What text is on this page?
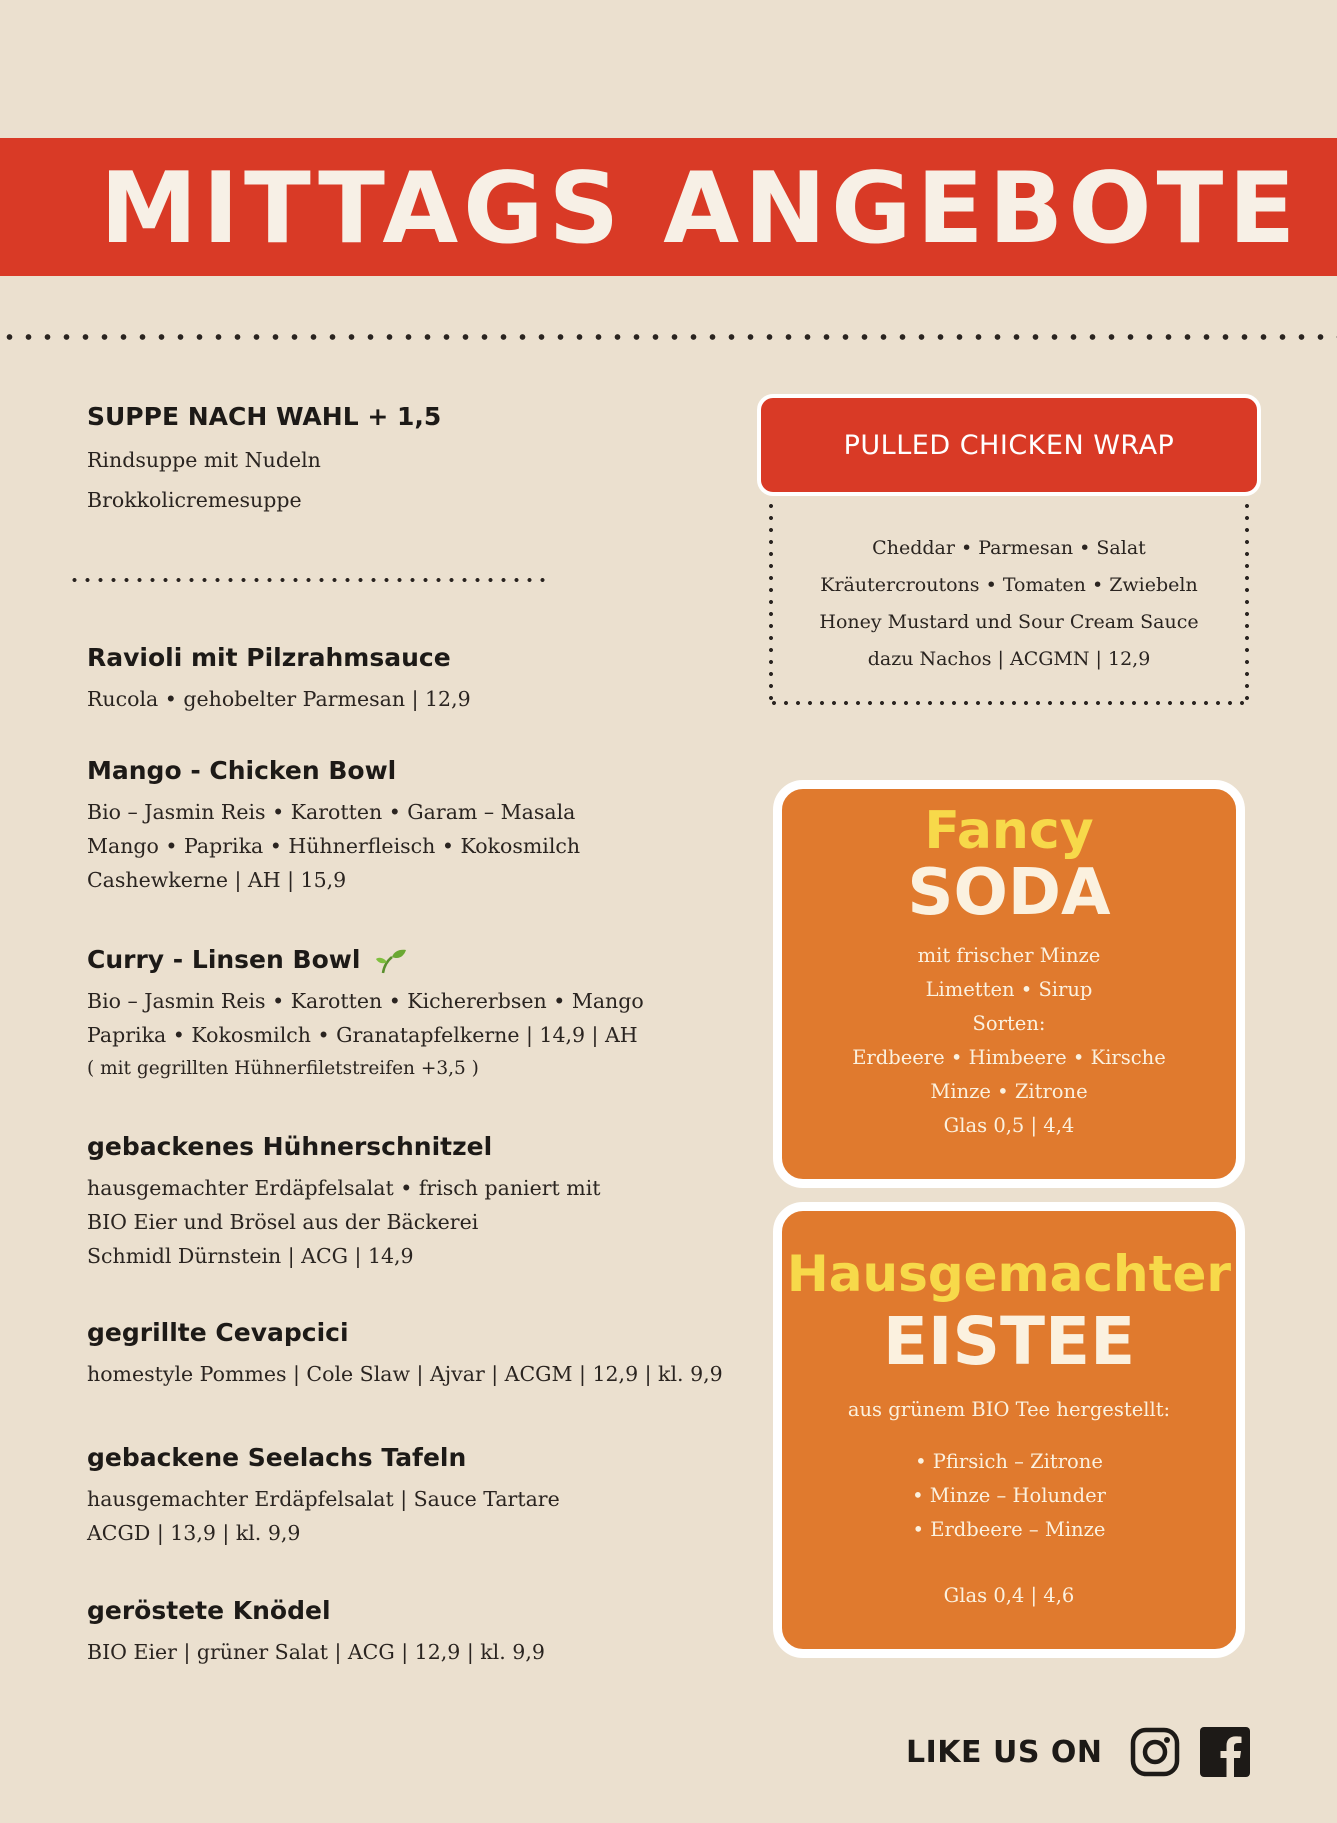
MITTAGS ANGEBOTE
SUPPE NACH WAHL + 1,5
Rindsuppe mit Nudeln
Brokkolicremesuppe
Ravioli mit Pilzrahmsauce
Rucola • gehobelter Parmesan | 12,9
Mango - Chicken Bowl
Bio – Jasmin Reis • Karotten • Garam – Masala
Mango • Paprika • Hühnerfleisch • Kokosmilch
Cashewkerne | AH | 15,9
Curry - Linsen Bowl
Bio – Jasmin Reis • Karotten • Kichererbsen • Mango
Paprika • Kokosmilch • Granatapfelkerne | 14,9 | AH
( mit gegrillten Hühnerfiletstreifen +3,5 )
gebackenes Hühnerschnitzel
hausgemachter Erdäpfelsalat • frisch paniert mit
BIO Eier und Brösel aus der Bäckerei
Schmidl Dürnstein | ACG | 14,9
gegrillte Cevapcici
homestyle Pommes | Cole Slaw | Ajvar | ACGM | 12,9 | kl. 9,9
gebackene Seelachs Tafeln
hausgemachter Erdäpfelsalat | Sauce Tartare
ACGD | 13,9 | kl. 9,9
geröstete Knödel
BIO Eier | grüner Salat | ACG | 12,9 | kl. 9,9
PULLED CHICKEN WRAP
Cheddar • Parmesan • Salat
Kräutercroutons • Tomaten • Zwiebeln
Honey Mustard und Sour Cream Sauce
dazu Nachos | ACGMN | 12,9
Fancy
SODA
mit frischer Minze
Limetten • Sirup
Sorten:
Erdbeere • Himbeere • Kirsche
Minze • Zitrone
Glas 0,5 | 4,4
Hausgemachter
EISTEE
aus grünem BIO Tee hergestellt:
• Pfirsich – Zitrone
• Minze – Holunder
• Erdbeere – Minze
Glas 0,4 | 4,6
LIKE US ON
